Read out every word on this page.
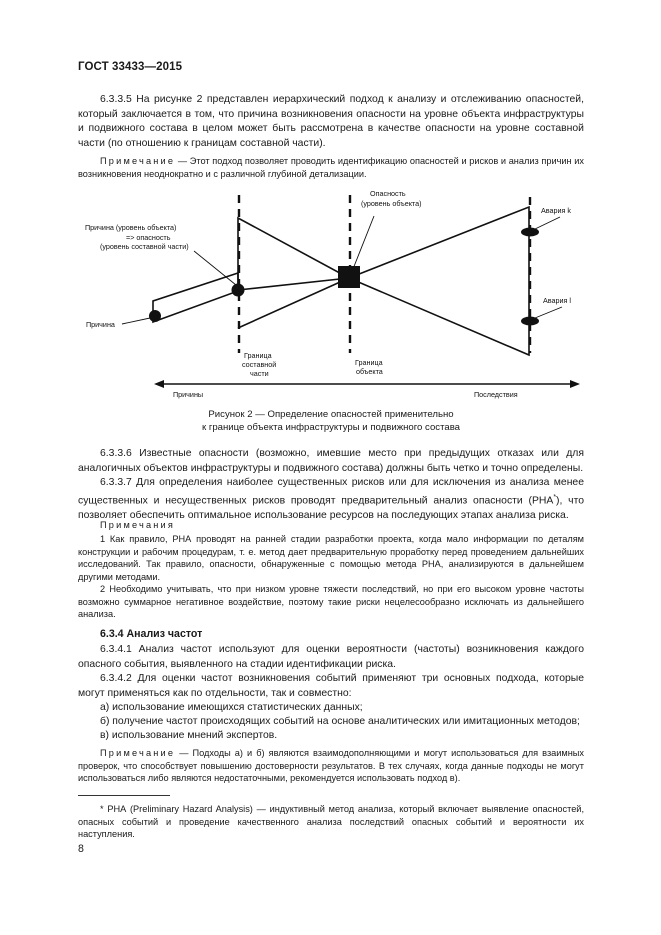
ГОСТ 33433—2015

6.3.3.5 На рисунке 2 представлен иерархический подход к анализу и отслеживанию опасностей, который заключается в том, что причина возникновения опасности на уровне объекта инфраструктуры и подвижного состава в целом может быть рассмотрена в качестве опасности на уровне составной части (по отношению к границам составной части).

Примечание — Этот подход позволяет проводить идентификацию опасностей и рисков и анализ причин их возникновения неоднократно и с различной глубиной детализации.

Причина (уровень объекта)
=> опасность
(уровень составной части)
Причина
Опасность
(уровень объекта)
Авария k
Авария l
Граница
составной
части
Граница
объекта
Причины	Последствия
Рисунок 2 — Определение опасностей применительно
к границе объекта инфраструктуры и подвижного состава

6.3.3.6 Известные опасности (возможно, имевшие место при предыдущих отказах или для аналогичных объектов инфраструктуры и подвижного состава) должны быть четко и точно определены.

6.3.3.7 Для определения наиболее существенных рисков или для исключения из анализа менее существенных и несущественных рисков проводят предварительный анализ опасности (РНА*), что позволяет обеспечить оптимальное использование ресурсов на последующих этапах анализа риска.

Примечания

1 Как правило, РНА проводят на ранней стадии разработки проекта, когда мало информации по деталям конструкции и рабочим процедурам, т. е. метод дает предварительную проработку перед проведением дальнейших исследований. Так правило, опасности, обнаруженные с помощью метода РНА, анализируются в дальнейшем другими методами.

2 Необходимо учитывать, что при низком уровне тяжести последствий, но при его высоком уровне частоты возможно суммарное негативное воздействие, поэтому такие риски нецелесообразно исключать из дальнейшего анализа.

6.3.4 Анализ частот

6.3.4.1 Анализ частот используют для оценки вероятности (частоты) возникновения каждого опасного события, выявленного на стадии идентификации риска.

6.3.4.2 Для оценки частот возникновения событий применяют три основных подхода, которые могут применяться как по отдельности, так и совместно:

а) использование имеющихся статистических данных;

б) получение частот происходящих событий на основе аналитических или имитационных методов;

в) использование мнений экспертов.

Примечание — Подходы а) и б) являются взаимодополняющими и могут использоваться для взаимных проверок, что способствует повышению достоверности результатов. В тех случаях, когда данные подходы не могут использоваться либо являются недостаточными, рекомендуется использовать подход в).

* РНА (Preliminary Hazard Analysis) — индуктивный метод анализа, который включает выявление опасностей, опасных событий и проведение качественного анализа последствий опасных событий и вероятности их наступления.

8
